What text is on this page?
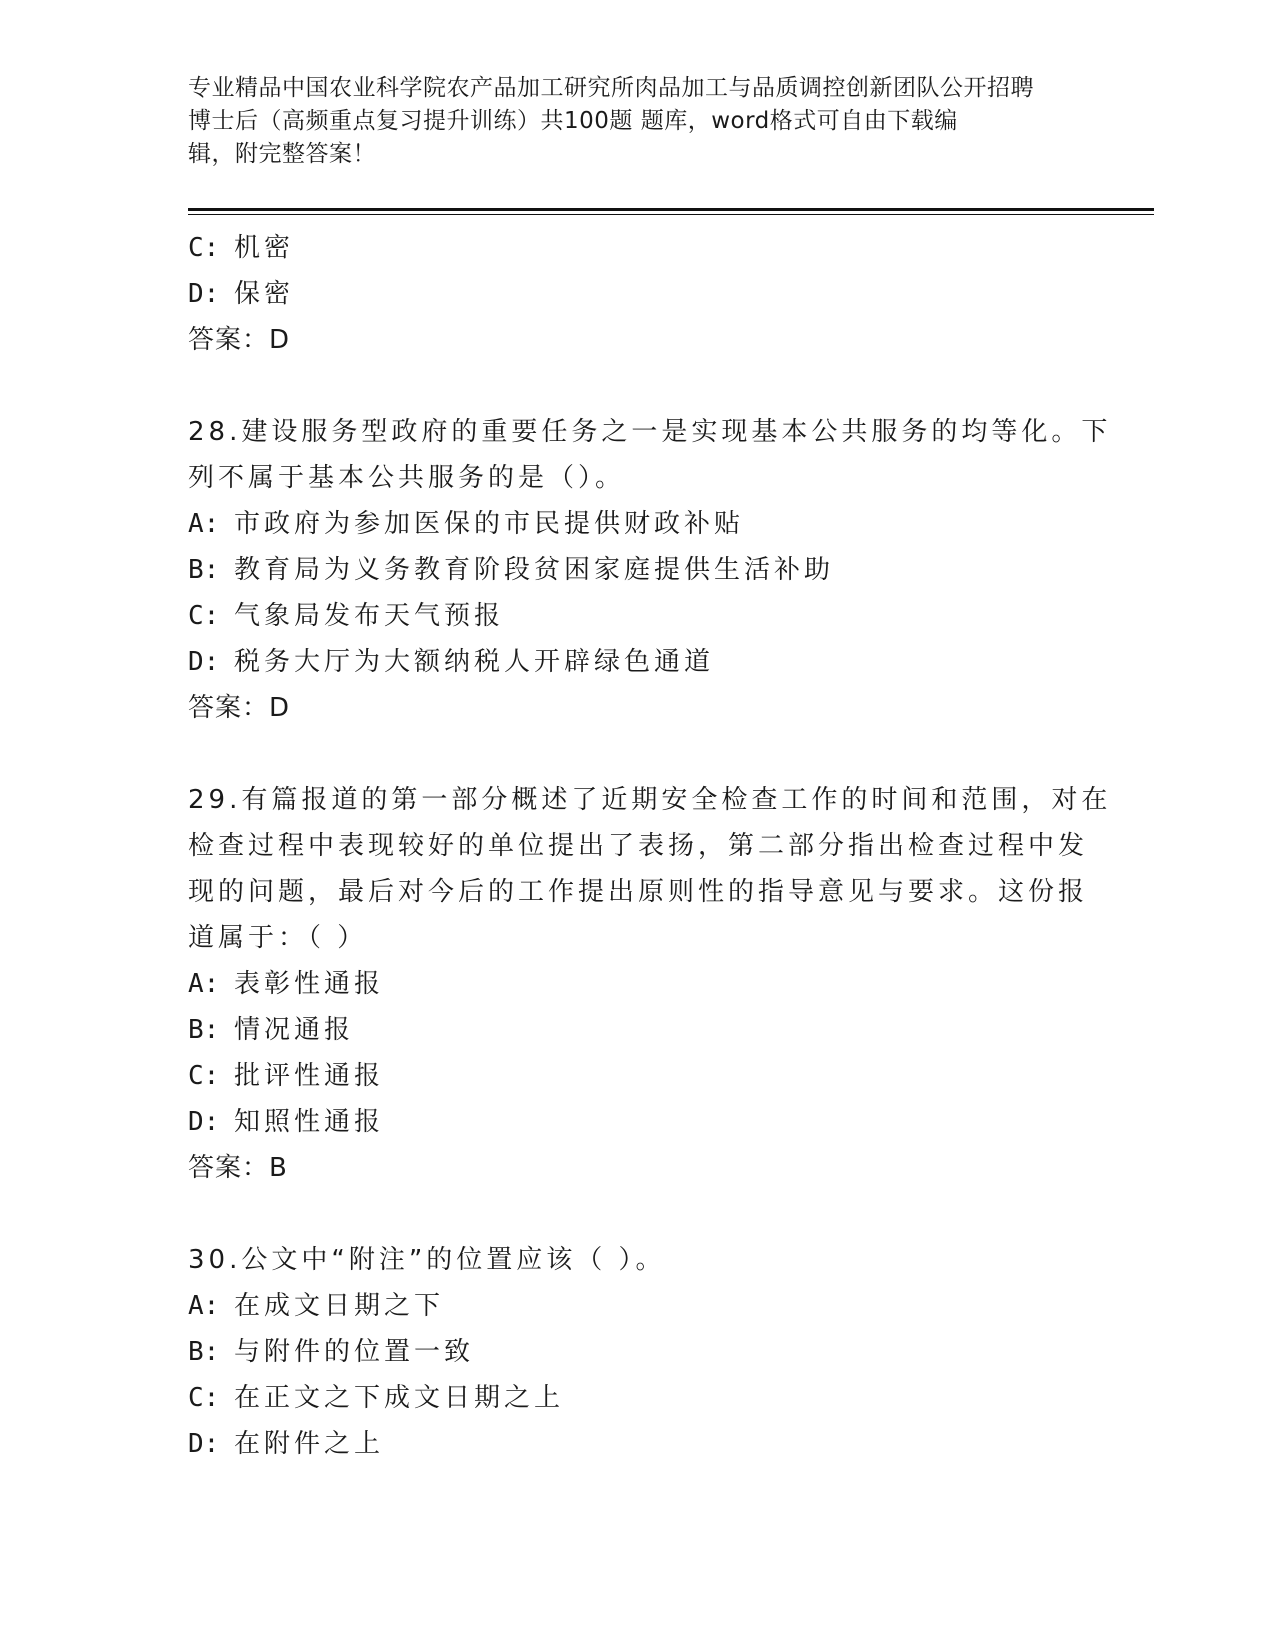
专业精品中国农业科学院农产品加工研究所肉品加工与品质调控创新团队公开招聘
博士后（高频重点复习提升训练）共100题 题库，word格式可自由下载编
辑，附完整答案！
C: 机密
D: 保密
答案：D
28.建设服务型政府的重要任务之一是实现基本公共服务的均等化。下
列不属于基本公共服务的是（）。
A: 市政府为参加医保的市民提供财政补贴
B: 教育局为义务教育阶段贫困家庭提供生活补助
C: 气象局发布天气预报
D: 税务大厅为大额纳税人开辟绿色通道
答案：D
29.有篇报道的第一部分概述了近期安全检查工作的时间和范围，对在
检查过程中表现较好的单位提出了表扬，第二部分指出检查过程中发
现的问题，最后对今后的工作提出原则性的指导意见与要求。这份报
道属于：（ ）
A: 表彰性通报
B: 情况通报
C: 批评性通报
D: 知照性通报
答案：B
30.公文中“附注”的位置应该（ ）。
A: 在成文日期之下
B: 与附件的位置一致
C: 在正文之下成文日期之上
D: 在附件之上
